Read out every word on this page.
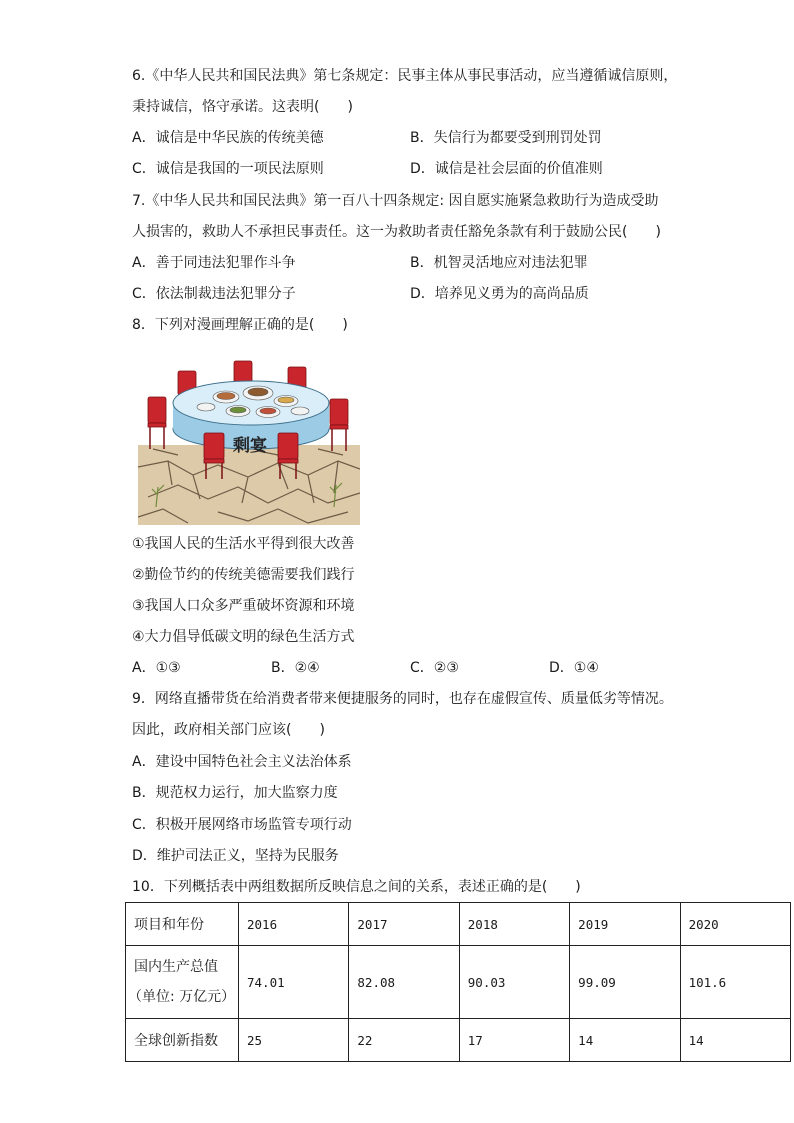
6.《中华人民共和国民法典》第七条规定：民事主体从事民事活动，应当遵循诚信原则，
秉持诚信，恪守承诺。这表明(　　)
A．诚信是中华民族的传统美德	B．失信行为都要受到刑罚处罚
C．诚信是我国的一项民法原则	D．诚信是社会层面的价值准则
7.《中华人民共和国民法典》第一百八十四条规定: 因自愿实施紧急救助行为造成受助
人损害的，救助人不承担民事责任。这一为救助者责任豁免条款有利于鼓励公民(　　)
A．善于同违法犯罪作斗争	B．机智灵活地应对违法犯罪
C．依法制裁违法犯罪分子	D．培养见义勇为的高尚品质
8．下列对漫画理解正确的是(　　)
剩宴
①我国人民的生活水平得到很大改善
②勤俭节约的传统美德需要我们践行
③我国人口众多严重破坏资源和环境
④大力倡导低碳文明的绿色生活方式
A．①③	B．②④	C．②③	D．①④
9．网络直播带货在给消费者带来便捷服务的同时，也存在虚假宣传、质量低劣等情况。
因此，政府相关部门应该(　　)
A．建设中国特色社会主义法治体系
B．规范权力运行，加大监察力度
C．积极开展网络市场监管专项行动
D．维护司法正义，坚持为民服务
10．下列概括表中两组数据所反映信息之间的关系，表述正确的是(　　)
项目和年份	2016	2017	2018	2019	2020

国内生产总值
（单位: 万亿元）	74.01	82.08	90.03	99.09	101.6
全球创新指数	25	22	17	14	14
